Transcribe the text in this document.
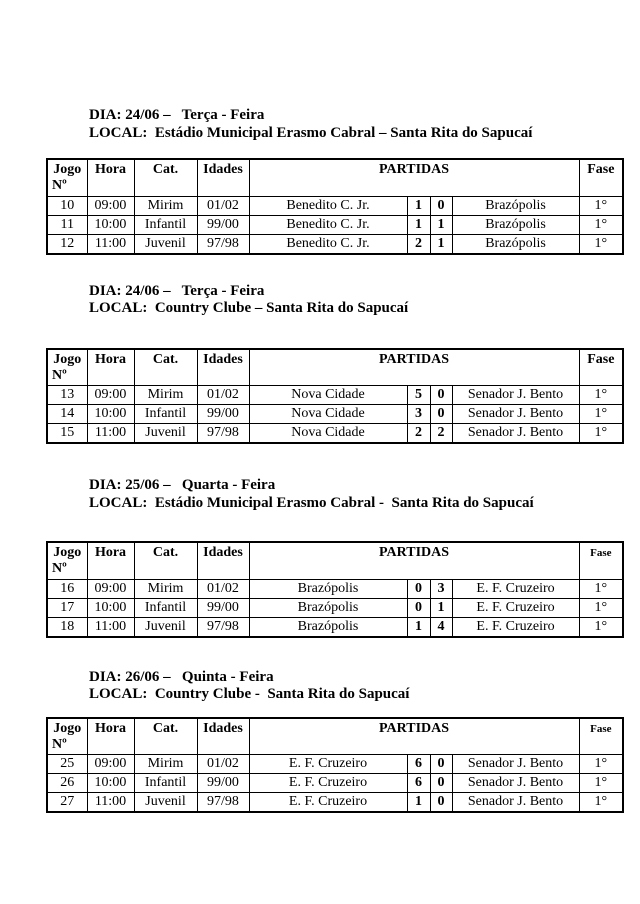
DIA: 24/06 –   Terça - Feira
LOCAL:  Estádio Municipal Erasmo Cabral – Santa Rita do Sapucaí
Jogo
Nº	Hora	Cat.	Idades	PARTIDAS				Fase
10	09:00	Mirim	01/02	Benedito C. Jr.	1	0	Brazópolis	1°
11	10:00	Infantil	99/00	Benedito C. Jr.	1	1	Brazópolis	1°
12	11:00	Juvenil	97/98	Benedito C. Jr.	2	1	Brazópolis	1°
DIA: 24/06 –   Terça - Feira
LOCAL:  Country Clube – Santa Rita do Sapucaí
Jogo
Nº	Hora	Cat.	Idades	PARTIDAS				Fase
13	09:00	Mirim	01/02	Nova Cidade	5	0	Senador J. Bento	1°
14	10:00	Infantil	99/00	Nova Cidade	3	0	Senador J. Bento	1°
15	11:00	Juvenil	97/98	Nova Cidade	2	2	Senador J. Bento	1°
DIA: 25/06 –   Quarta - Feira
LOCAL:  Estádio Municipal Erasmo Cabral -  Santa Rita do Sapucaí
Jogo
Nº	Hora	Cat.	Idades	PARTIDAS				Fase
16	09:00	Mirim	01/02	Brazópolis	0	3	E. F. Cruzeiro	1°
17	10:00	Infantil	99/00	Brazópolis	0	1	E. F. Cruzeiro	1°
18	11:00	Juvenil	97/98	Brazópolis	1	4	E. F. Cruzeiro	1°
DIA: 26/06 –   Quinta - Feira
LOCAL:  Country Clube -  Santa Rita do Sapucaí
Jogo
Nº	Hora	Cat.	Idades	PARTIDAS				Fase
25	09:00	Mirim	01/02	E. F. Cruzeiro	6	0	Senador J. Bento	1°
26	10:00	Infantil	99/00	E. F. Cruzeiro	6	0	Senador J. Bento	1°
27	11:00	Juvenil	97/98	E. F. Cruzeiro	1	0	Senador J. Bento	1°
